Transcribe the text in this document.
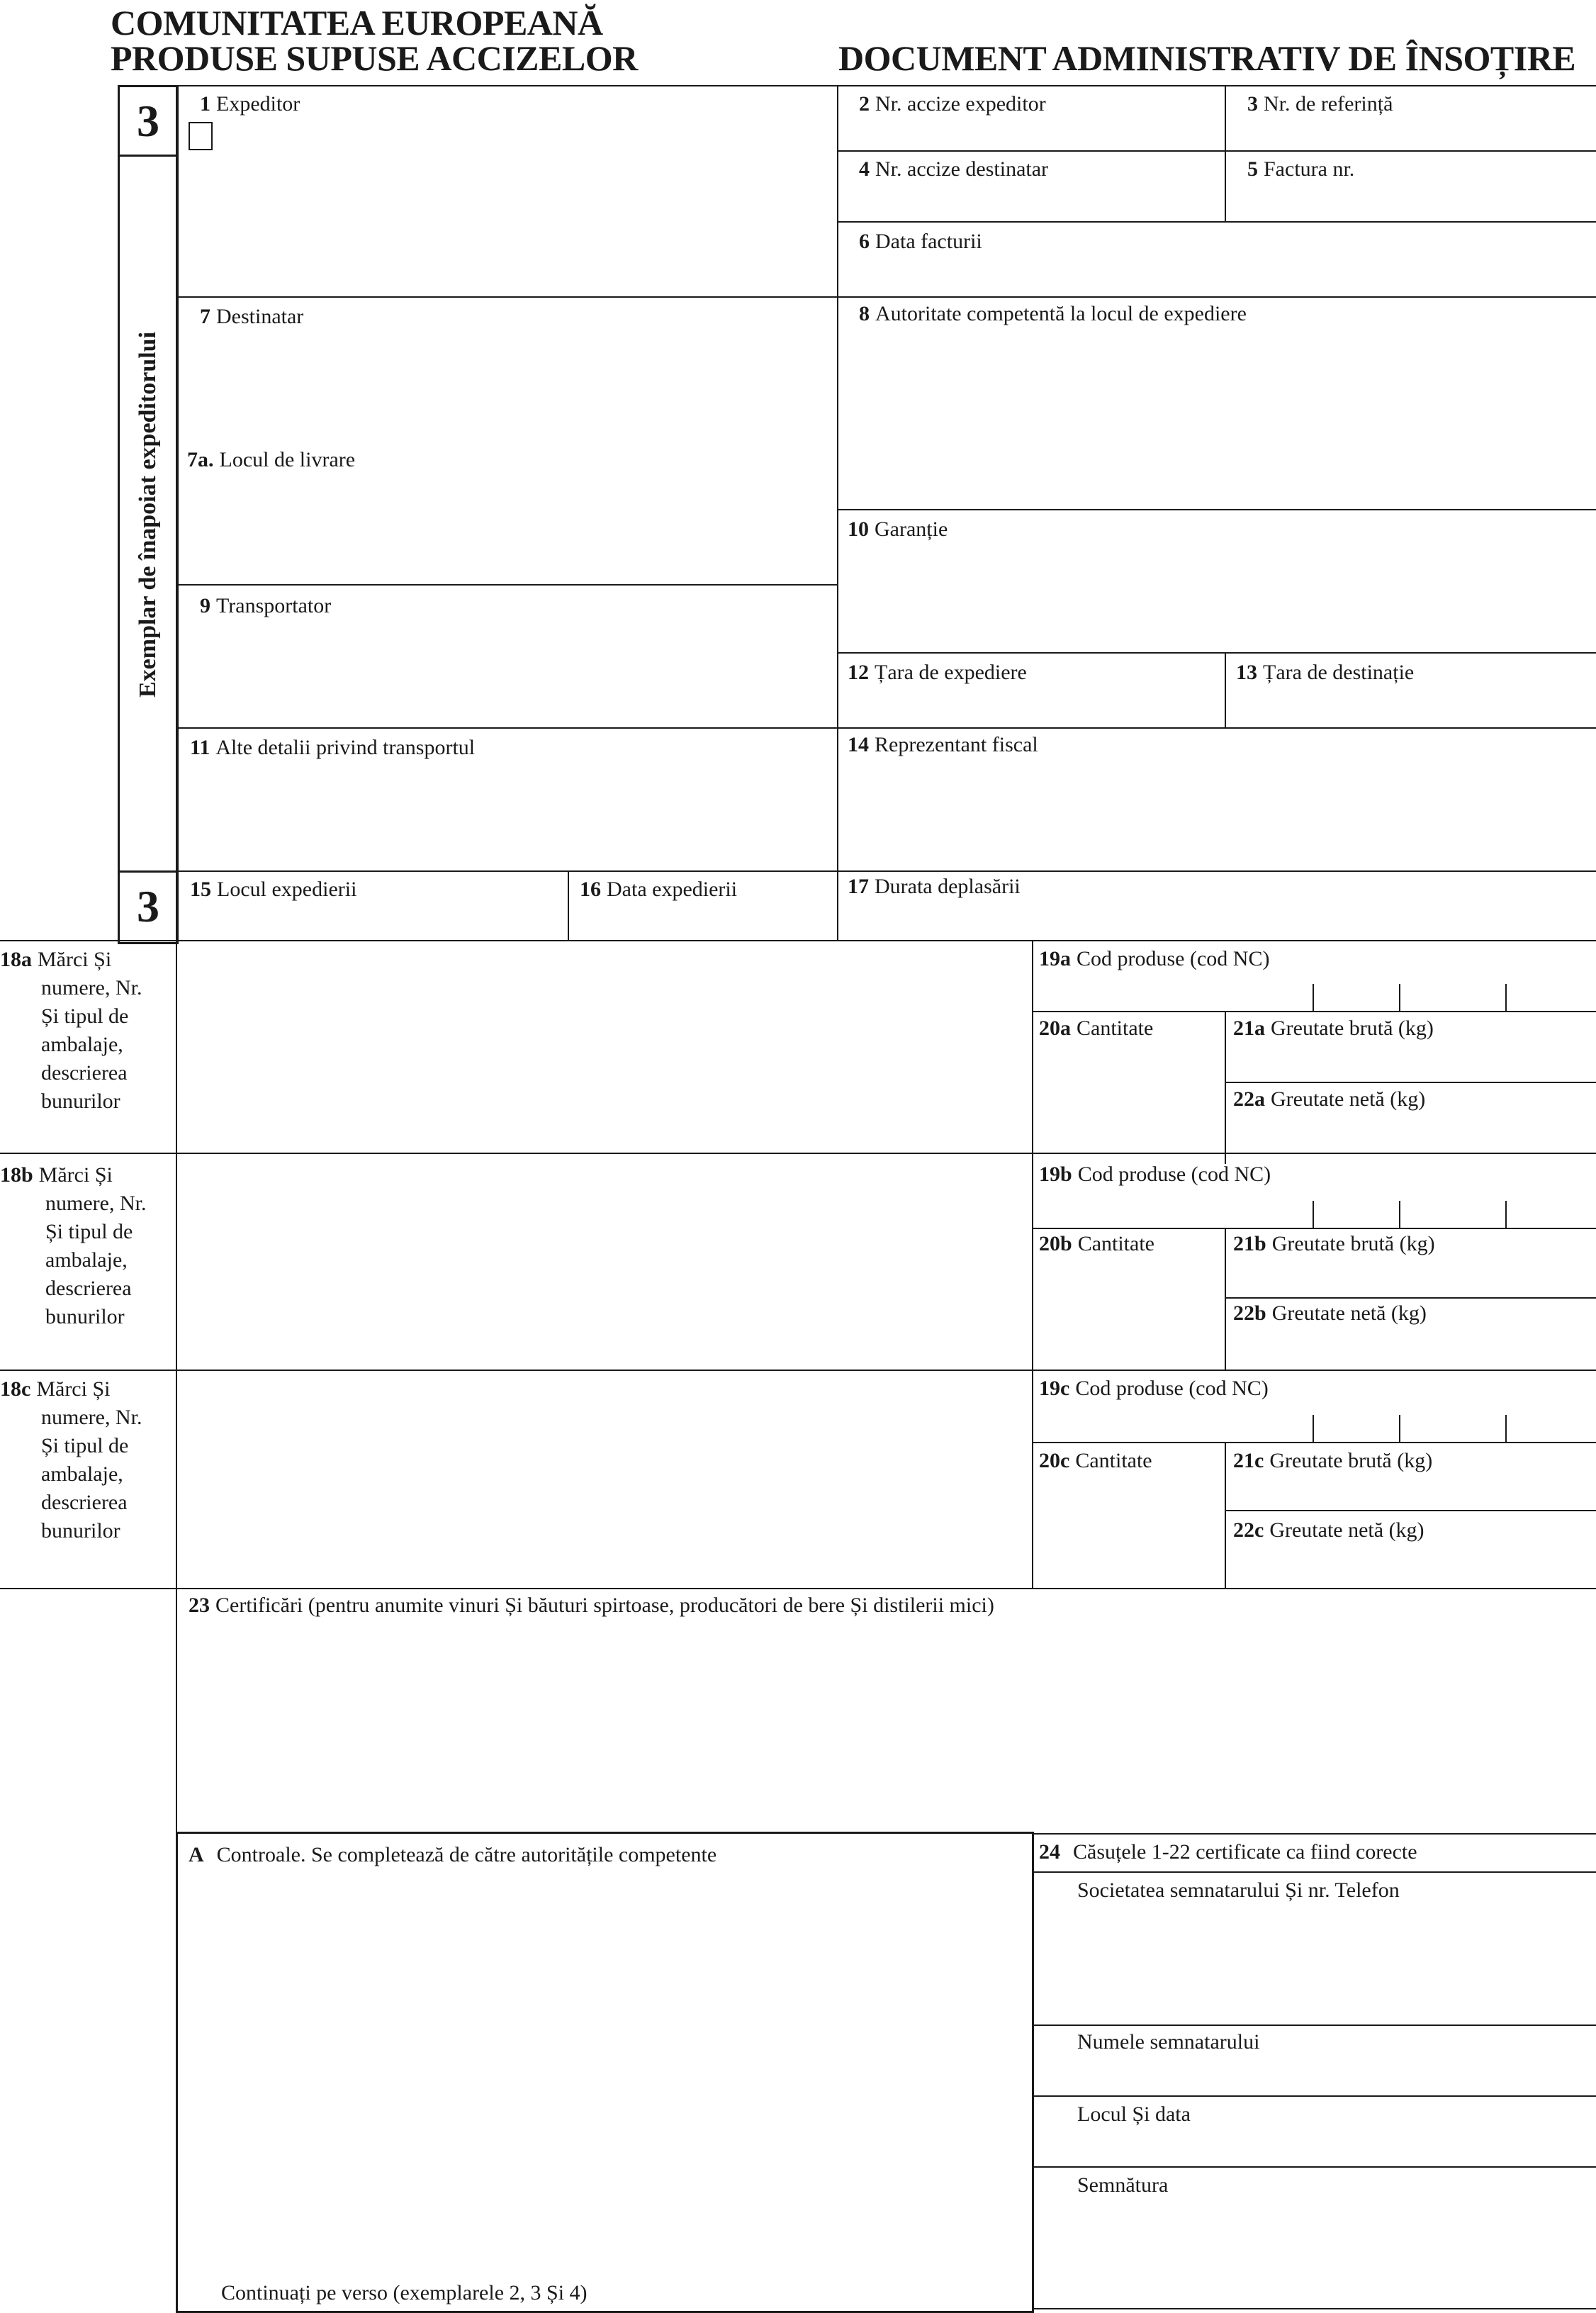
COMUNITATEA EUROPEANĂ
PRODUSE SUPUSE ACCIZELOR	DOCUMENT ADMINISTRATIV DE ÎNSOȚIRE
3
Exemplar de înapoiat expeditorului
3
1 Expeditor	2 Nr. accize expeditor	3 Nr. de referință
4 Nr. accize destinatar	5 Factura nr.
6 Data facturii
7 Destinatar	8 Autoritate competentă la locul de expediere
7a. Locul de livrare
10 Garanție
9 Transportator
12 Țara de expediere	13 Țara de destinație
11 Alte detalii privind transportul	14 Reprezentant fiscal
15 Locul expedierii	16 Data expedierii	17 Durata deplasării
18a Mărci Și
numere, Nr.
Și tipul de
ambalaje,
descrierea
bunurilor
19a Cod produse (cod NC)
20a Cantitate	21a Greutate brută (kg)
22a Greutate netă (kg)
18b Mărci Și
numere, Nr.
Și tipul de
ambalaje,
descrierea
bunurilor
19b Cod produse (cod NC)
20b Cantitate	21b Greutate brută (kg)
22b Greutate netă (kg)
18c Mărci Și
numere, Nr.
Și tipul de
ambalaje,
descrierea
bunurilor
19c Cod produse (cod NC)
20c Cantitate	21c Greutate brută (kg)
22c Greutate netă (kg)
23 Certificări (pentru anumite vinuri Și băuturi spirtoase, producători de bere Și distilerii mici)
A Controale. Se completează de către autoritățile competente
Continuați pe verso (exemplarele 2, 3 Și 4)
24 Căsuțele 1-22 certificate ca fiind corecte
Societatea semnatarului Și nr. Telefon
Numele semnatarului
Locul Și data
Semnătura
